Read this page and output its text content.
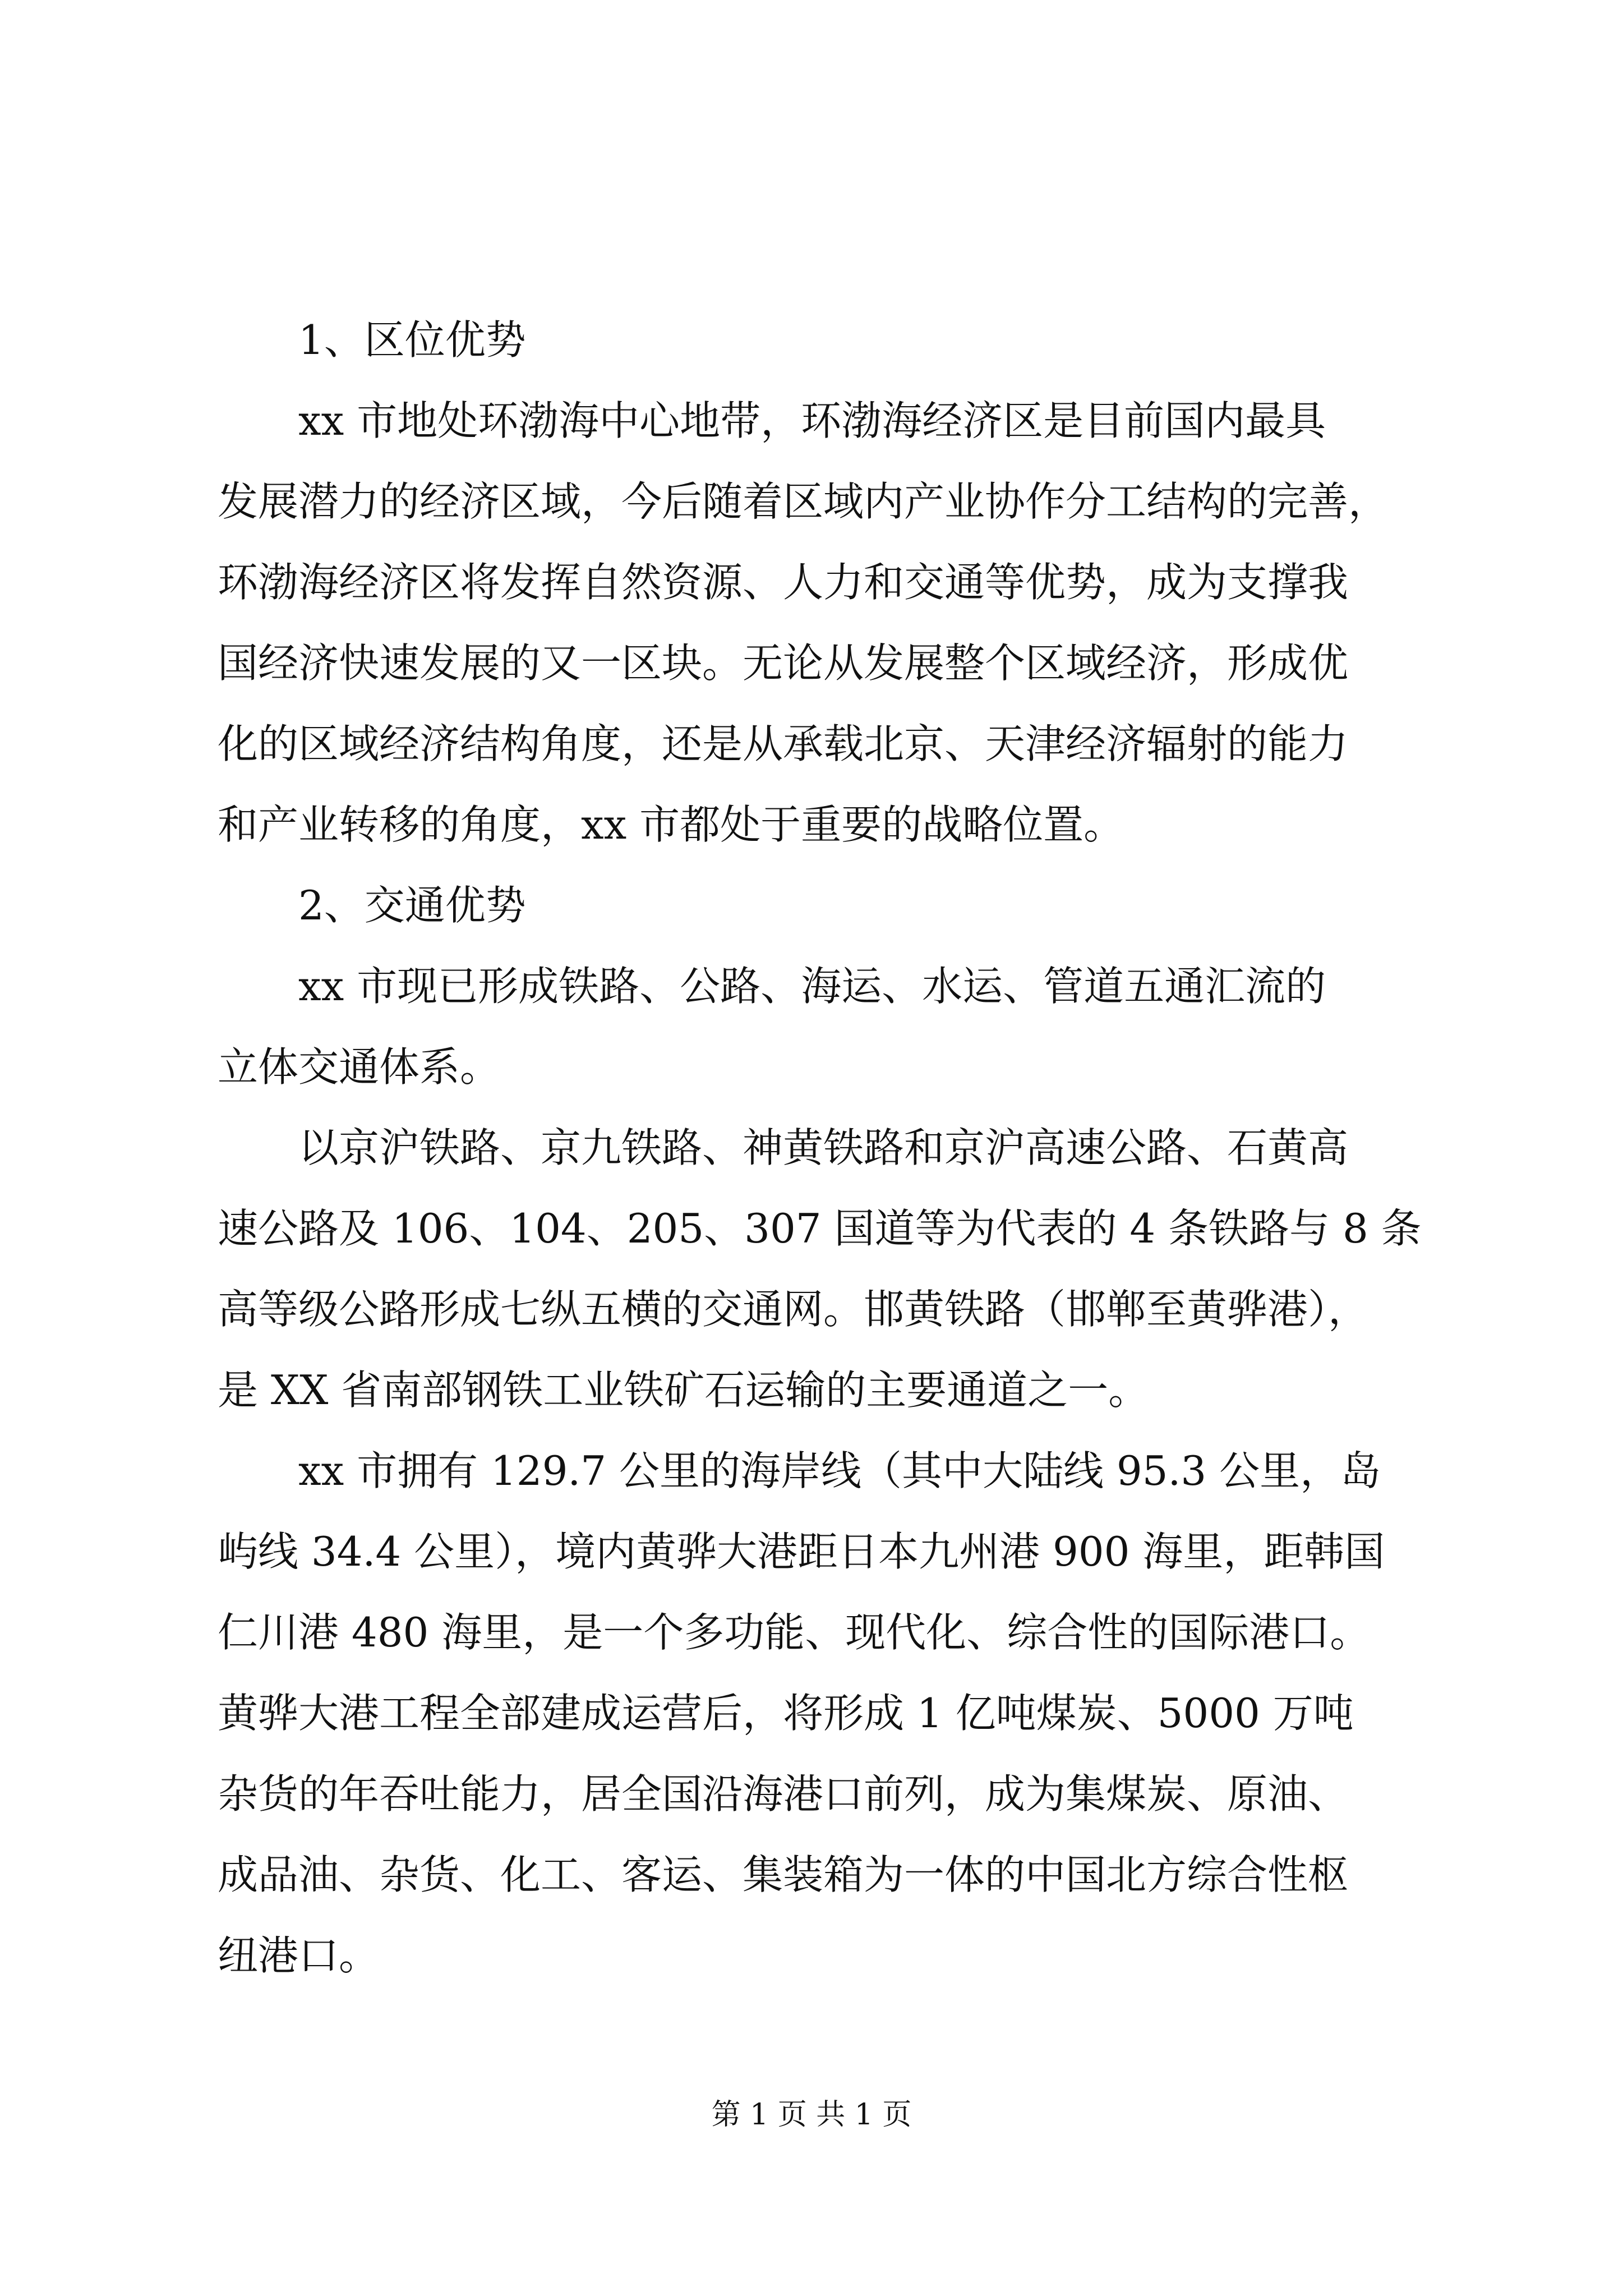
1、区位优势
xx 市地处环渤海中心地带，环渤海经济区是目前国内最具
发展潜力的经济区域，今后随着区域内产业协作分工结构的完善，
环渤海经济区将发挥自然资源、人力和交通等优势，成为支撑我
国经济快速发展的又一区块。无论从发展整个区域经济，形成优
化的区域经济结构角度，还是从承载北京、天津经济辐射的能力
和产业转移的角度，xx 市都处于重要的战略位置。
2、交通优势
xx 市现已形成铁路、公路、海运、水运、管道五通汇流的
立体交通体系。
以京沪铁路、京九铁路、神黄铁路和京沪高速公路、石黄高
速公路及 106、104、205、307 国道等为代表的 4 条铁路与 8 条
高等级公路形成七纵五横的交通网。邯黄铁路（邯郸至黄骅港），
是 XX 省南部钢铁工业铁矿石运输的主要通道之一。
xx 市拥有 129.7 公里的海岸线（其中大陆线 95.3 公里，岛
屿线 34.4 公里），境内黄骅大港距日本九州港 900 海里，距韩国
仁川港 480 海里，是一个多功能、现代化、综合性的国际港口。
黄骅大港工程全部建成运营后，将形成 1 亿吨煤炭、5000 万吨
杂货的年吞吐能力，居全国沿海港口前列，成为集煤炭、原油、
成品油、杂货、化工、客运、集装箱为一体的中国北方综合性枢
纽港口。
第 1 页 共 1 页
